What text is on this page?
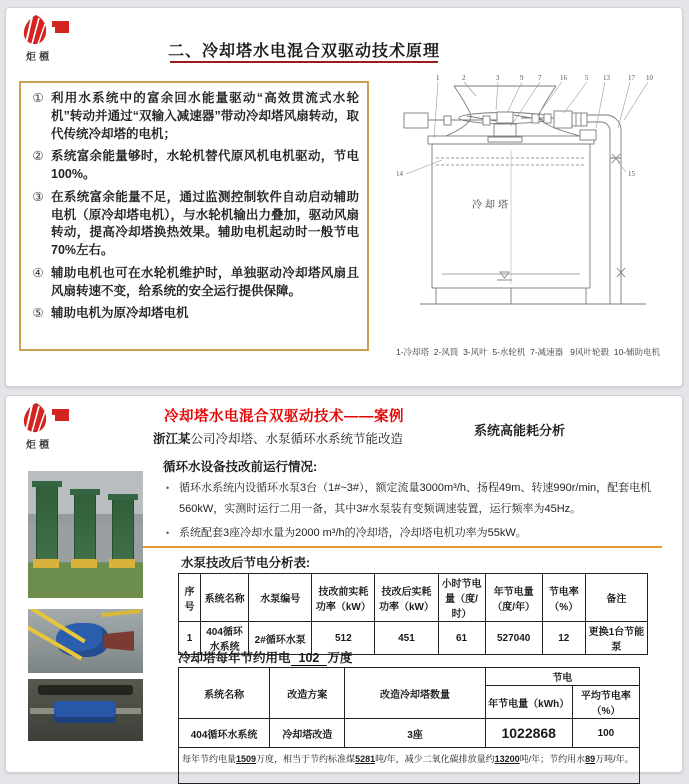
炬槱	二、冷却塔水电混合双驱动技术原理
① 利用水系统中的富余回水能量驱动“高效贯流式水轮机”转动并通过“双输入减速器”带动冷却塔风扇转动，取代传统冷却塔的电机；
② 系统富余能量够时，水轮机替代原风机电机驱动，节电100%。
③ 在系统富余能量不足，通过监测控制软件自动启动辅助电机（原冷却塔电机），与水轮机输出力叠加，驱动风扇转动，提高冷却塔换热效果。辅助电机起动时一般节电70%左右。
④ 辅助电机也可在水轮机维护时，单独驱动冷却塔风扇且风扇转速不变，给系统的安全运行提供保障。
⑤ 辅助电机为原冷却塔电机
1	2	3	9 7	16	5 13	17 10
14	15
冷却塔

1-冷却塔  2-风筒  3-风叶  5-水轮机  7-减速器   9风叶轮毂  10-辅助电机

炬槱
冷却塔水电混合双驱动技术——案例
系统高能耗分析
浙江某公司冷却塔、水泵循环水系统节能改造
循环水设备技改前运行情况:
• 循环水系统内设循环水泵3台（1#~3#），额定流量3000m³/h、扬程49m、转速990r/min，配套电机560kW，实测时运行二用一备，其中3#水泵装有变频调速装置，运行频率为45Hz。
• 系统配套3座冷却水量为2000 m³/h的冷却塔，冷却塔电机功率为55kW。
水泵技改后节电分析表:
序号	系统名称	水泵编号	技改前实耗功率（kW）	技改后实耗功率（kW）	小时节电量（度/时）	年节电量（度/年）	节电率（%）	备注
1	404循环水系统	2#循环水泵	512	451	61	527040	12	更换1台节能泵
冷却塔每年节约用电 102 万度
系统名称	改造方案	改造冷却塔数量	节电	
			年节电量（kWh）	平均节电率（%）
404循环水系统	冷却塔改造	3座	1022868	100
每年节约电量1509万度，相当于节约标准煤5281吨/年，减少二氧化碳排放量约13200吨/年；节约用水89万吨/年。				
